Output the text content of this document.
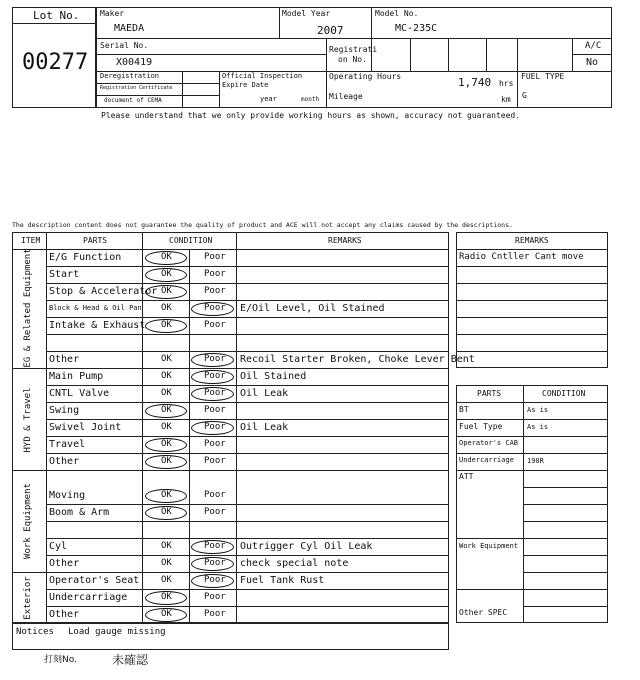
Lot No.
00277
Maker
MAEDA
Model Year
2007
Model No.
MC-235C
Serial No.
X00419
Registrati
on No.
A/C
No
Deregistration
Registration Certificate
document of CEMA
Official Inspection
Expire Date
year	month
Operating Hours	1,740 hrs
Mileage	km
FUEL TYPE
G
Please understand that we only provide working hours as shown, accuracy not guaranteed.
The description content does not guarantee the quality of product and ACE will not accept any claims caused by the descriptions.
ITEM	PARTS	CONDITION	REMARKS
EG & Related Equipment
HYD & Travel
Work Equipment
Exterior
E/G Function	OK	Poor
Start	OK	Poor
Stop & Accelerator OK	Poor
Block & Head & Oil Pan OK	Poor E/Oil Level, Oil Stained
Intake & Exhaust OK	Poor
Other	OK	Poor Recoil Starter Broken, Choke Lever Bent
Main Pump	OK	Poor Oil Stained
CNTL Valve	OK	Poor Oil Leak
Swing	OK	Poor
Swivel Joint	OK	Poor Oil Leak
Travel	OK	Poor
Other	OK	Poor
Moving	OK	Poor
Boom & Arm	OK	Poor
Cyl	OK	Poor Outrigger Cyl Oil Leak
Other	OK	Poor check special note
Operator's Seat OK	Poor Fuel Tank Rust
Undercarriage	OK	Poor
Other	OK	Poor
Notices Load gauge missing
REMARKS
Radio Cntller Cant move
PARTS	CONDITION
BT	As is
Fuel Type	As is
Operator's CAB
Undercarriage 190R
ATT
Work Equipment
Other SPEC
打刻No.	未確認
